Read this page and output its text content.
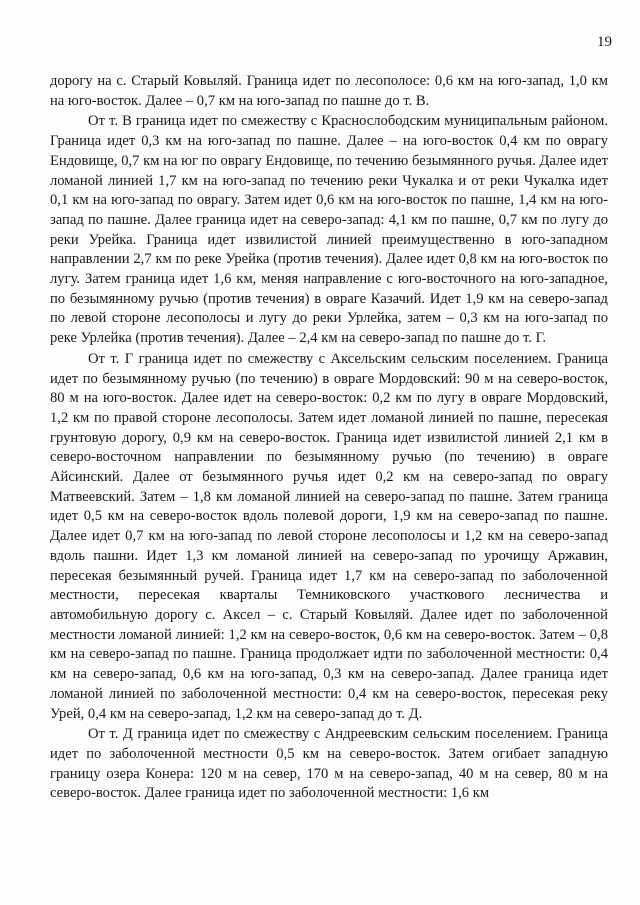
19

дорогу на с. Старый Ковыляй. Граница идет по лесополосе: 0,6 км на юго-запад, 1,0 км на юго-восток. Далее – 0,7 км на юго-запад по пашне до т. В.

От т. В граница идет по смежеству с Краснослободским муниципальным районом. Граница идет 0,3 км на юго-запад по пашне. Далее – на юго-восток 0,4 км по оврагу Ендовище, 0,7 км на юг по оврагу Ендовище, по течению безымянного ручья. Далее идет ломаной линией 1,7 км на юго-запад по течению реки Чукалка и от реки Чукалка идет 0,1 км на юго-запад по оврагу. Затем идет 0,6 км на юго-восток по пашне, 1,4 км на юго-запад по пашне. Далее граница идет на северо-запад: 4,1 км по пашне, 0,7 км по лугу до реки Урейка. Граница идет извилистой линией преимущественно в юго-западном направлении 2,7 км по реке Урейка (против течения). Далее идет 0,8 км на юго-восток по лугу. Затем граница идет 1,6 км, меняя направление с юго-восточного на юго-западное, по безымянному ручью (против течения) в овраге Казачий. Идет 1,9 км на северо-запад по левой стороне лесополосы и лугу до реки Урлейка, затем – 0,3 км на юго-запад по реке Урлейка (против течения). Далее – 2,4 км на северо-запад по пашне до т. Г.

От т. Г граница идет по смежеству с Аксельским сельским поселением. Граница идет по безымянному ручью (по течению) в овраге Мордовский: 90 м на северо-восток, 80 м на юго-восток. Далее идет на северо-восток: 0,2 км по лугу в овраге Мордовский, 1,2 км по правой стороне лесополосы. Затем идет ломаной линией по пашне, пересекая грунтовую дорогу, 0,9 км на северо-восток. Граница идет извилистой линией 2,1 км в северо-восточном направлении по безымянному ручью (по течению) в овраге Айсинский. Далее от безымянного ручья идет 0,2 км на северо-запад по оврагу Матвеевский. Затем – 1,8 км ломаной линией на северо-запад по пашне. Затем граница идет 0,5 км на северо-восток вдоль полевой дороги, 1,9 км на северо-запад по пашне. Далее идет 0,7 км на юго-запад по левой стороне лесополосы и 1,2 км на северо-запад вдоль пашни. Идет 1,3 км ломаной линией на северо-запад по урочищу Аржавин, пересекая безымянный ручей. Граница идет 1,7 км на северо-запад по заболоченной местности, пересекая кварталы Темниковского участкового лесничества и автомобильную дорогу с. Аксел – с. Старый Ковыляй. Далее идет по заболоченной местности ломаной линией: 1,2 км на северо-восток, 0,6 км на северо-восток. Затем – 0,8 км на северо-запад по пашне. Граница продолжает идти по заболоченной местности: 0,4 км на северо-запад, 0,6 км на юго-запад, 0,3 км на северо-запад. Далее граница идет ломаной линией по заболоченной местности: 0,4 км на северо-восток, пересекая реку Урей, 0,4 км на северо-запад, 1,2 км на северо-запад до т. Д.

От т. Д граница идет по смежеству с Андреевским сельским поселением. Граница идет по заболоченной местности 0,5 км на северо-восток. Затем огибает западную границу озера Конера: 120 м на север, 170 м на северо-запад, 40 м на север, 80 м на северо-восток. Далее граница идет по заболоченной местности: 1,6 км
